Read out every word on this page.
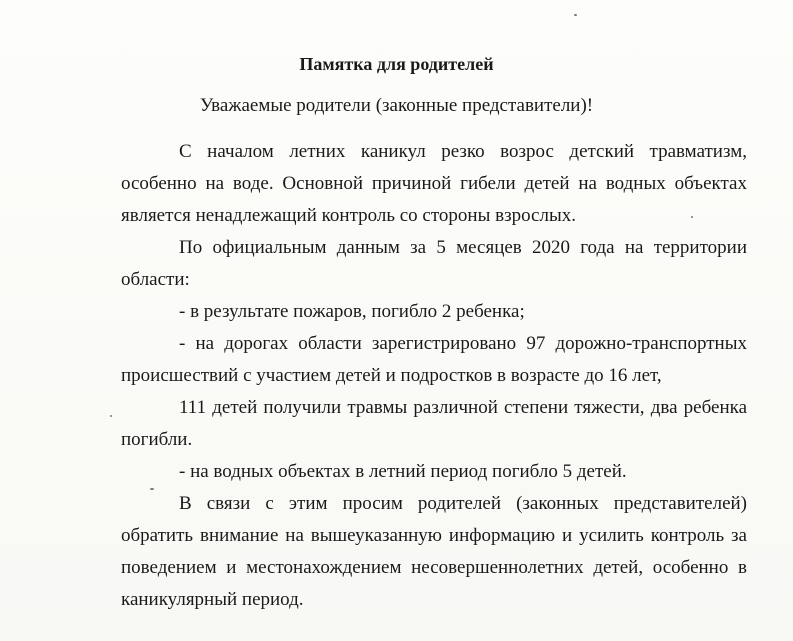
Памятка для родителей
Уважаемые родители (законные представители)!

С началом летних каникул резко возрос детский травматизм, особенно на воде. Основной причиной гибели детей на водных объектах является ненадлежащий контроль со стороны взрослых.

По официальным данным за 5 месяцев 2020 года на территории области:

- в результате пожаров, погибло 2 ребенка;

- на дорогах области зарегистрировано 97 дорожно-транспортных происшествий с участием детей и подростков в возрасте до 16 лет,

111 детей получили травмы различной степени тяжести, два ребенка погибли.

- на водных объектах в летний период погибло 5 детей.

В связи с этим просим родителей (законных представителей) обратить внимание на вышеуказанную информацию и усилить контроль за поведением и местонахождением несовершеннолетних детей, особенно в каникулярный период.
